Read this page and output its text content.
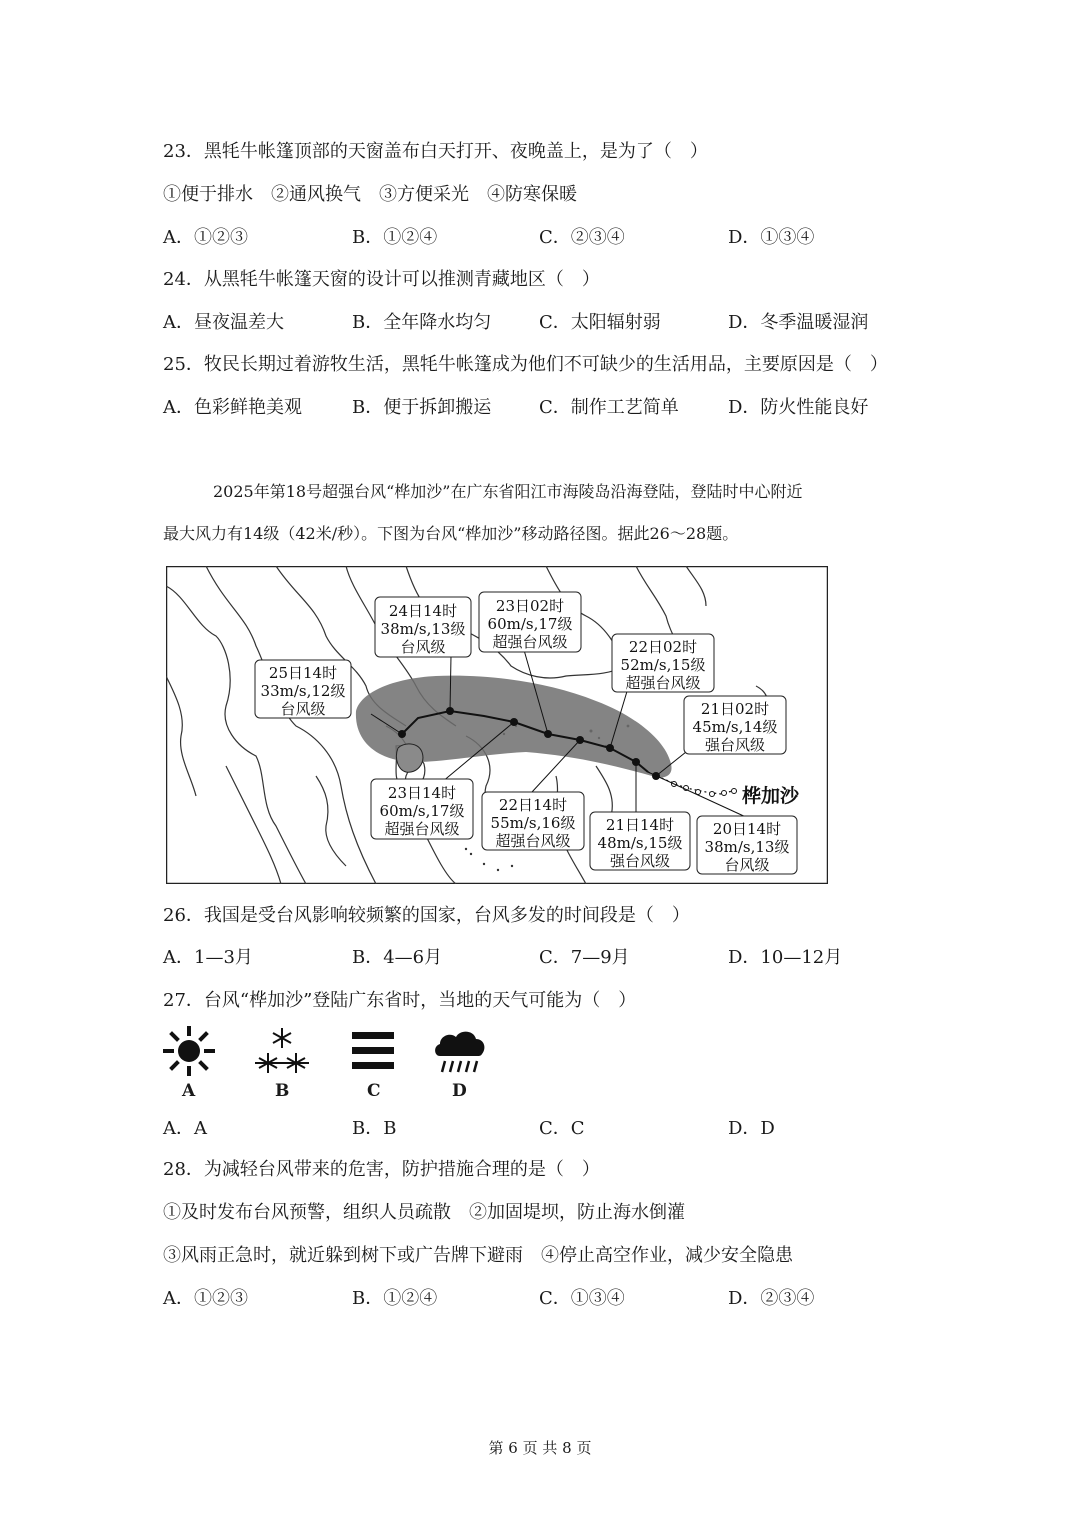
23．黑牦牛帐篷顶部的天窗盖布白天打开、夜晚盖上，是为了（　）
①便于排水　②通风换气　③方便采光　④防寒保暖
A．①②③	B．①②④	C．②③④	D．①③④
24．从黑牦牛帐篷天窗的设计可以推测青藏地区（　）
A．昼夜温差大	B．全年降水均匀	C．太阳辐射弱	D．冬季温暖湿润
25．牧民长期过着游牧生活，黑牦牛帐篷成为他们不可缺少的生活用品，主要原因是（　）
A．色彩鲜艳美观	B．便于拆卸搬运	C．制作工艺简单	D．防火性能良好
2025年第18号超强台风“桦加沙”在广东省阳江市海陵岛沿海登陆，登陆时中心附近
最大风力有14级（42米/秒）。下图为台风“桦加沙”移动路径图。据此26～28题。
24日14时
38m/s,13级
台风级
23日02时
60m/s,17级
超强台风级	22日02时
52m/s,15级
超强台风级
25日14时
33m/s,12级
台风级	21日02时
45m/s,14级
强台风级
23日14时
60m/s,17级
超强台风级
22日14时
55m/s,16级
超强台风级
21日14时
48m/s,15级
强台风级
20日14时
38m/s,13级
台风级
桦加沙
26．我国是受台风影响较频繁的国家，台风多发的时间段是（　）
A．1—3月	B．4—6月	C．7—9月	D．10—12月
27．台风“桦加沙”登陆广东省时，当地的天气可能为（　）
A	B	C	D
A．A	B．B	C．C	D．D
28．为减轻台风带来的危害，防护措施合理的是（　）
①及时发布台风预警，组织人员疏散　②加固堤坝，防止海水倒灌
③风雨正急时，就近躲到树下或广告牌下避雨　④停止高空作业，减少安全隐患
A．①②③	B．①②④	C．①③④	D．②③④
第 6 页 共 8 页
